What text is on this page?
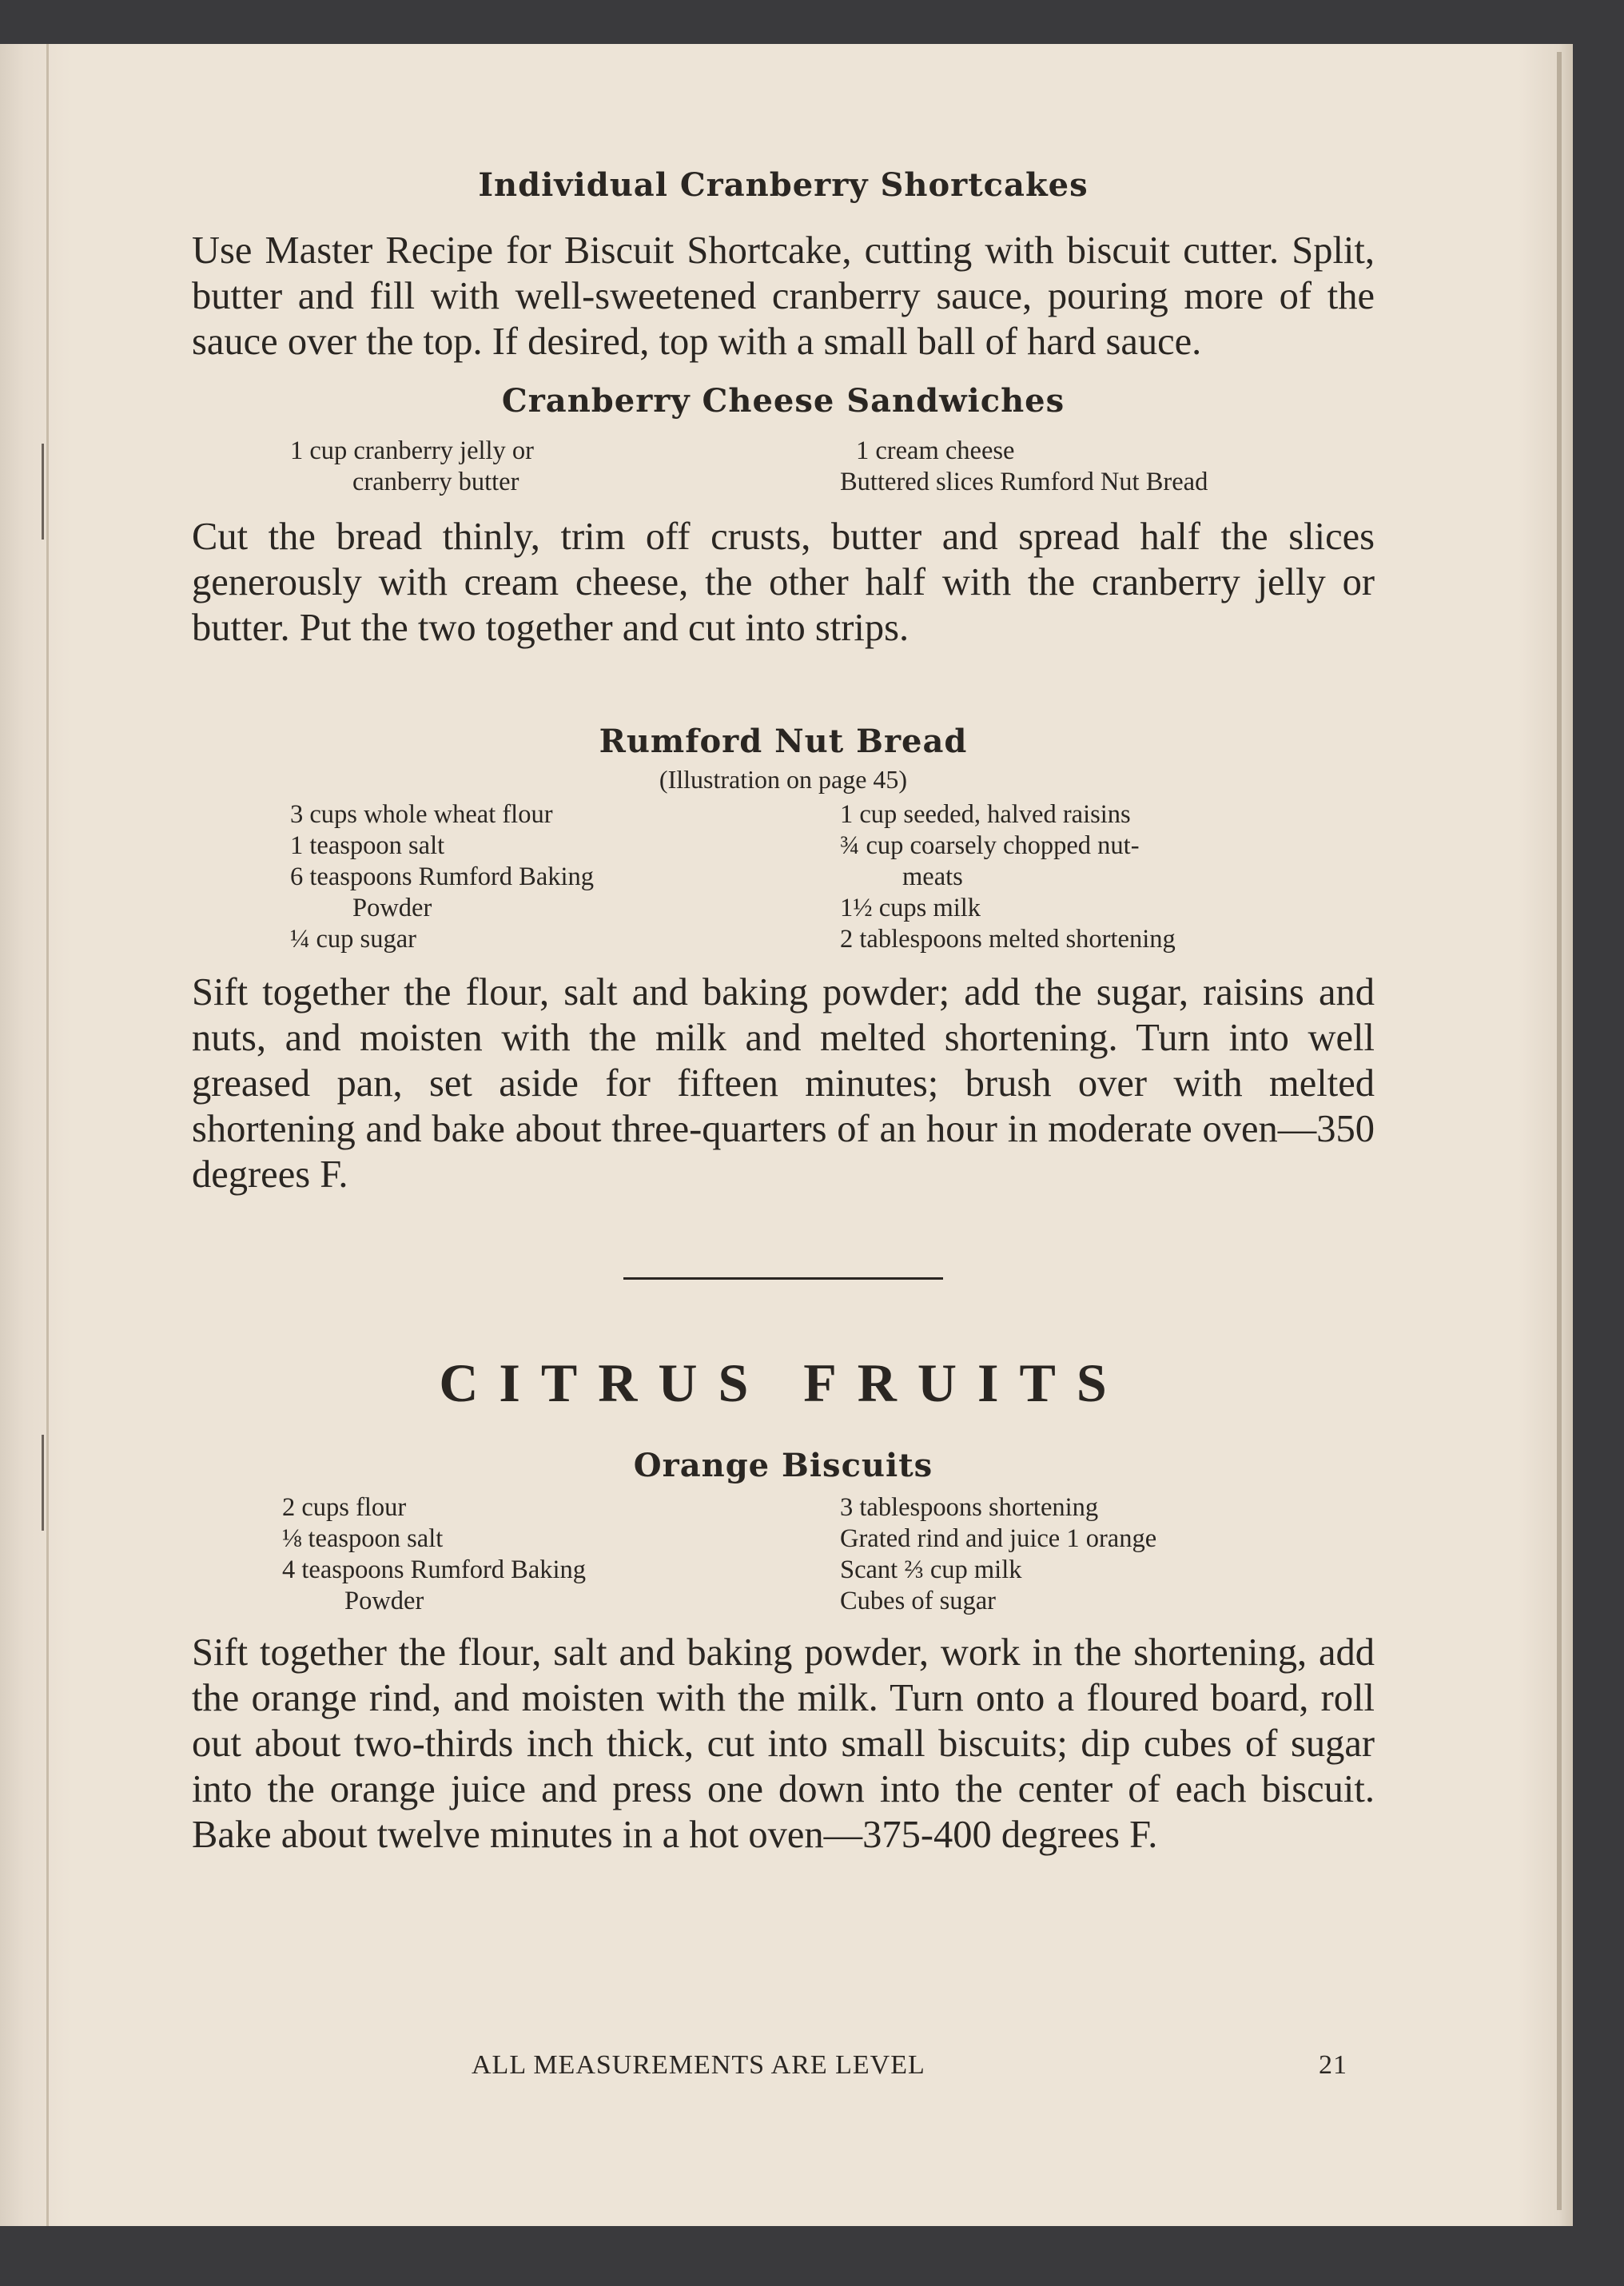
Individual Cranberry Shortcakes

Use Master Recipe for Biscuit Shortcake, cutting with biscuit cutter. Split, butter and fill with well-sweetened cranberry sauce, pouring more of the sauce over the top. If desired, top with a small ball of hard sauce.

Cranberry Cheese Sandwiches
1 cup cranberry jelly or
cranberry butter
1 cream cheese
Buttered slices Rumford Nut Bread

Cut the bread thinly, trim off crusts, butter and spread half the slices generously with cream cheese, the other half with the cranberry jelly or butter. Put the two together and cut into strips.

Rumford Nut Bread

(Illustration on page 45)

3 cups whole wheat flour
1 teaspoon salt
6 teaspoons Rumford Baking
Powder
¼ cup sugar
1 cup seeded, halved raisins
¾ cup coarsely chopped nut-
meats
1½ cups milk
2 tablespoons melted shortening

Sift together the flour, salt and baking powder; add the sugar, raisins and nuts, and moisten with the milk and melted shortening. Turn into well greased pan, set aside for fifteen minutes; brush over with melted shortening and bake about three-quarters of an hour in moderate oven—350 degrees F.

CITRUS FRUITS
Orange Biscuits
2 cups flour
⅛ teaspoon salt
4 teaspoons Rumford Baking
Powder
3 tablespoons shortening
Grated rind and juice 1 orange
Scant ⅔ cup milk
Cubes of sugar

Sift together the flour, salt and baking powder, work in the shortening, add the orange rind, and moisten with the milk. Turn onto a floured board, roll out about two-thirds inch thick, cut into small biscuits; dip cubes of sugar into the orange juice and press one down into the center of each biscuit. Bake about twelve minutes in a hot oven—375-400 degrees F.

ALL MEASUREMENTS ARE LEVEL	21
